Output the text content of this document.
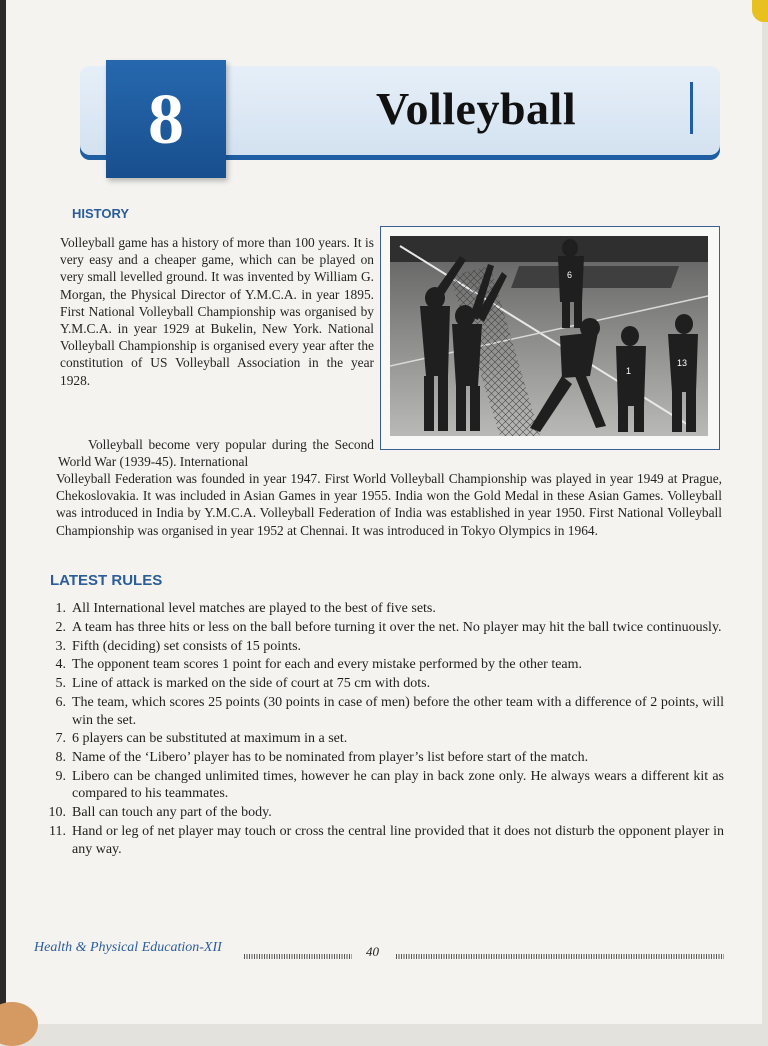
8	Volleyball
HISTORY

Volleyball game has a history of more than 100 years. It is very easy and a cheaper game, which can be played on very small levelled ground. It was invented by William G. Morgan, the Physical Director of Y.M.C.A. in year 1895. First National Volleyball Championship was organised by Y.M.C.A. in year 1929 at Bukelin, New York. National Volleyball Championship is organised every year after the constitution of US Volleyball Association in the year 1928.

Volleyball become very popular during the Second World War (1939-45). International

Volleyball Federation was founded in year 1947. First World Volleyball Championship was played in year 1949 at Prague, Chekoslovakia. It was included in Asian Games in year 1955. India won the Gold Medal in these Asian Games. Volleyball was introduced in India by Y.M.C.A. Volleyball Federation of India was established in year 1950. First National Volleyball Championship was organised in year 1952 at Chennai. It was introduced in Tokyo Olympics in 1964.

6
13
1
LATEST RULES
1. All International level matches are played to the best of five sets.
2. A team has three hits or less on the ball before turning it over the net. No player may hit the ball twice continuously.
3. Fifth (deciding) set consists of 15 points.
4. The opponent team scores 1 point for each and every mistake performed by the other team.
5. Line of attack is marked on the side of court at 75 cm with dots.
6. The team, which scores 25 points (30 points in case of men) before the other team with a difference of 2 points, will win the set.
7. 6 players can be substituted at maximum in a set.
8. Name of the ‘Libero’ player has to be nominated from player’s list before start of the match.
9. Libero can be changed unlimited times, however he can play in back zone only. He always wears a different kit as compared to his teammates.
10. Ball can touch any part of the body.
11. Hand or leg of net player may touch or cross the central line provided that it does not disturb the opponent player in any way.
Health & Physical Education-XII	40
